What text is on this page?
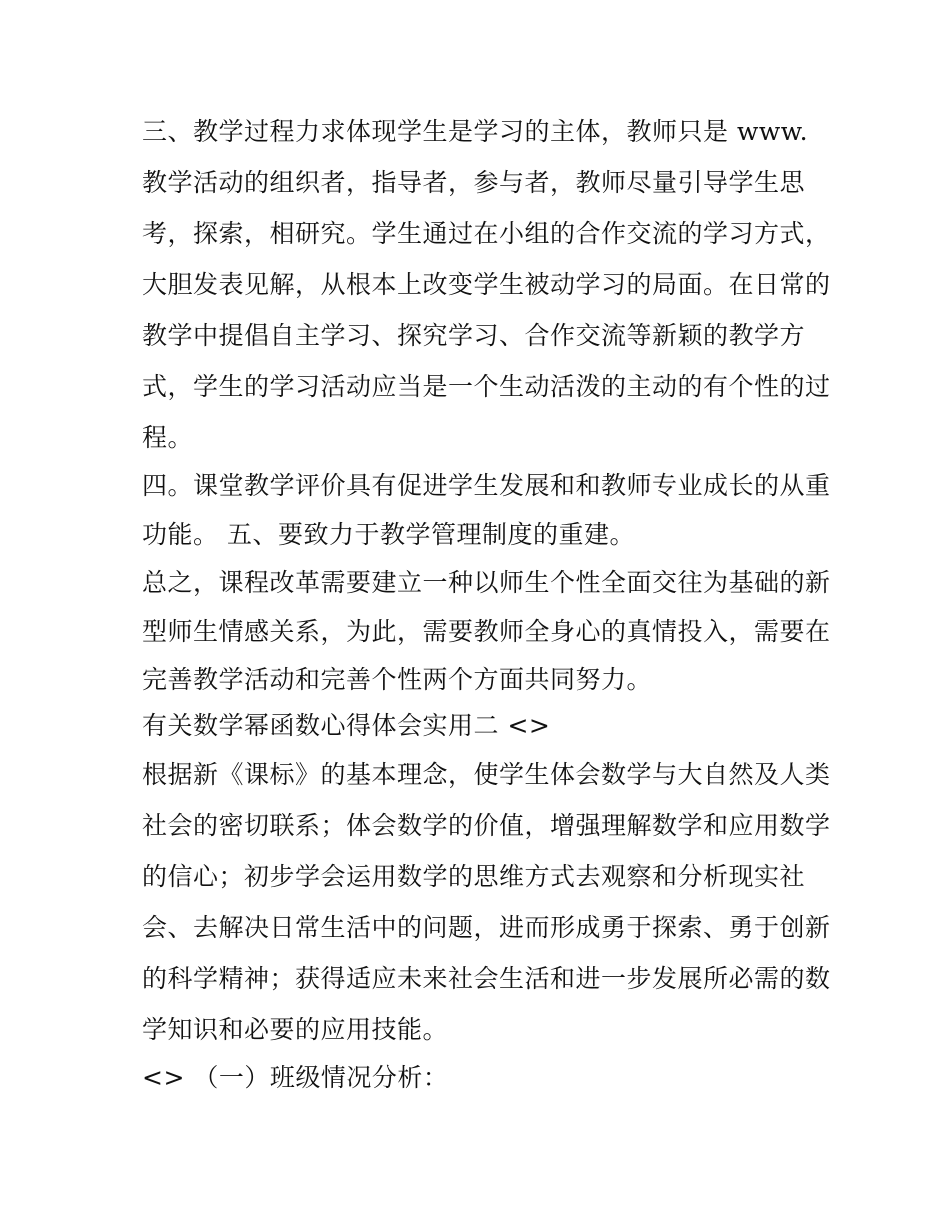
三、教学过程力求体现学生是学习的主体，教师只是 www.
教学活动的组织者，指导者，参与者，教师尽量引导学生思
考，探索，相研究。学生通过在小组的合作交流的学习方式，
大胆发表见解，从根本上改变学生被动学习的局面。在日常的
教学中提倡自主学习、探究学习、合作交流等新颖的教学方
式，学生的学习活动应当是一个生动活泼的主动的有个性的过
程。
四。课堂教学评价具有促进学生发展和和教师专业成长的从重
功能。 五、要致力于教学管理制度的重建。
总之，课程改革需要建立一种以师生个性全面交往为基础的新
型师生情感关系，为此，需要教师全身心的真情投入，需要在
完善教学活动和完善个性两个方面共同努力。
有关数学幂函数心得体会实用二 <>
根据新《课标》的基本理念，使学生体会数学与大自然及人类
社会的密切联系；体会数学的价值，增强理解数学和应用数学
的信心；初步学会运用数学的思维方式去观察和分析现实社
会、去解决日常生活中的问题，进而形成勇于探索、勇于创新
的科学精神；获得适应未来社会生活和进一步发展所必需的数
学知识和必要的应用技能。
<> （一）班级情况分析：
